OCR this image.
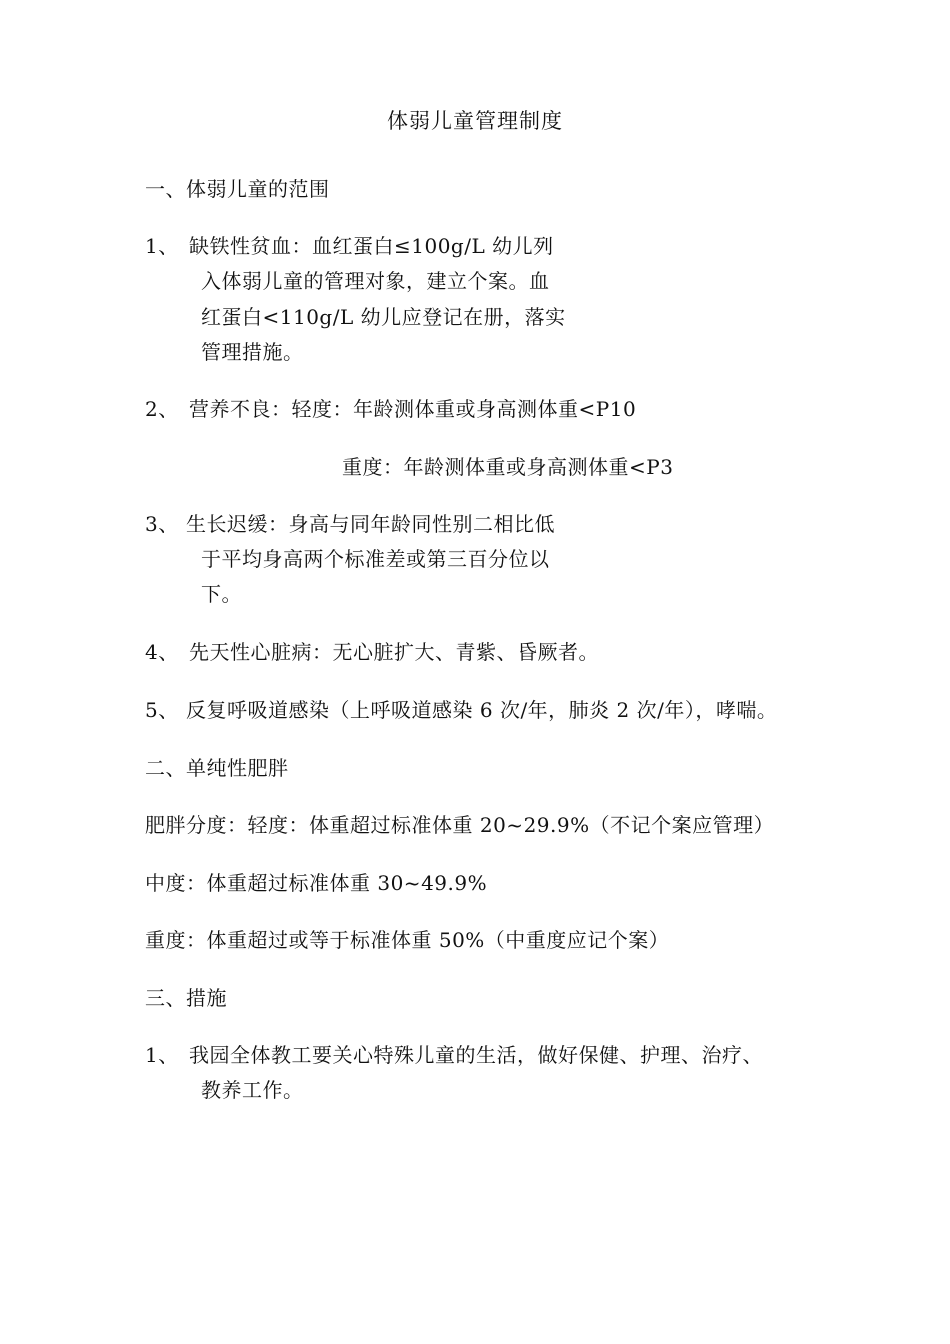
体弱儿童管理制度
一、体弱儿童的范围
1、 缺铁性贫血：血红蛋白≤100g/L 幼儿列
入体弱儿童的管理对象，建立个案。血
红蛋白<110g/L 幼儿应登记在册，落实
管理措施。
2、 营养不良：轻度：年龄测体重或身高测体重<P10
重度：年龄测体重或身高测体重<P3
3、 生长迟缓：身高与同年龄同性别二相比低
于平均身高两个标准差或第三百分位以
下。
4、 先天性心脏病：无心脏扩大、青紫、昏厥者。
5、 反复呼吸道感染（上呼吸道感染 6 次/年，肺炎 2 次/年），哮喘。
二、单纯性肥胖
肥胖分度：轻度：体重超过标准体重 20~29.9%（不记个案应管理）
中度：体重超过标准体重 30~49.9%
重度：体重超过或等于标准体重 50%（中重度应记个案）
三、措施
1、 我园全体教工要关心特殊儿童的生活，做好保健、护理、治疗、
教养工作。
